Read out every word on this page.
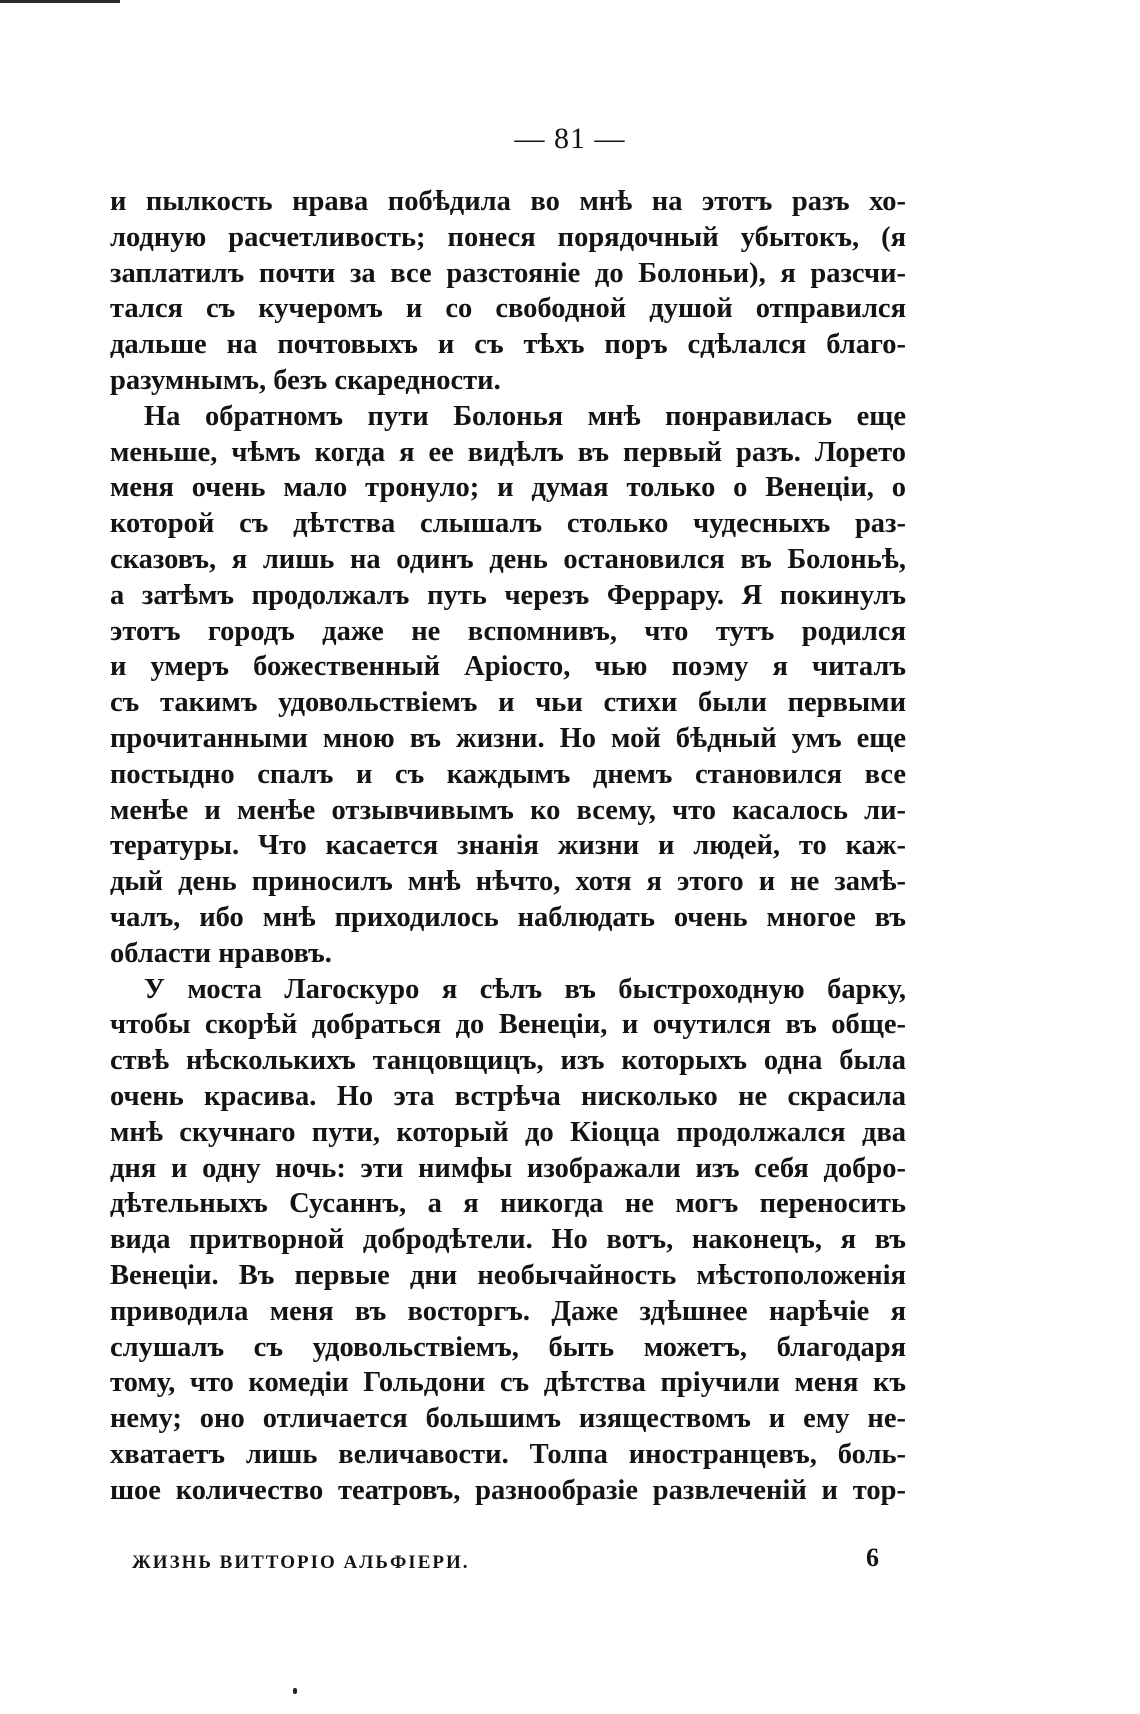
— 81 —
и пылкость нрава побѣдила во мнѣ на этотъ разъ хо-
лодную расчетливость; понеся порядочный убытокъ, (я
заплатилъ почти за все разстояніе до Болоньи), я разсчи-
тался съ кучеромъ и со свободной душой отправился
дальше на почтовыхъ и съ тѣхъ поръ сдѣлался благо-
разумнымъ, безъ скаредности.
На обратномъ пути Болонья мнѣ понравилась еще
меньше, чѣмъ когда я ее видѣлъ въ первый разъ. Лорето
меня очень мало тронуло; и думая только о Венеціи, о
которой съ дѣтства слышалъ столько чудесныхъ раз-
сказовъ, я лишь на одинъ день остановился въ Болоньѣ,
а затѣмъ продолжалъ путь черезъ Феррару. Я покинулъ
этотъ городъ даже не вспомнивъ, что тутъ родился
и умеръ божественный Аріосто, чью поэму я читалъ
съ такимъ удовольствіемъ и чьи стихи были первыми
прочитанными мною въ жизни. Но мой бѣдный умъ еще
постыдно спалъ и съ каждымъ днемъ становился все
менѣе и менѣе отзывчивымъ ко всему, что касалось ли-
тературы. Что касается знанія жизни и людей, то каж-
дый день приносилъ мнѣ нѣчто, хотя я этого и не замѣ-
чалъ, ибо мнѣ приходилось наблюдать очень многое въ
области нравовъ.
У моста Лагоскуро я сѣлъ въ быстроходную барку,
чтобы скорѣй добраться до Венеціи, и очутился въ обще-
ствѣ нѣсколькихъ танцовщицъ, изъ которыхъ одна была
очень красива. Но эта встрѣча нисколько не скрасила
мнѣ скучнаго пути, который до Кіоцца продолжался два
дня и одну ночь: эти нимфы изображали изъ себя добро-
дѣтельныхъ Сусаннъ, а я никогда не могъ переносить
вида притворной добродѣтели. Но вотъ, наконецъ, я въ
Венеціи. Въ первые дни необычайность мѣстоположенія
приводила меня въ восторгъ. Даже здѣшнее нарѣчіе я
слушалъ съ удовольствіемъ, быть можетъ, благодаря
тому, что комедіи Гольдони съ дѣтства пріучили меня къ
нему; оно отличается большимъ изяществомъ и ему не-
хватаетъ лишь величавости. Толпа иностранцевъ, боль-
шое количество театровъ, разнообразіе развлеченій и тор-
ЖИЗНЬ ВИТТОРІО АЛЬФІЕРИ.	6
